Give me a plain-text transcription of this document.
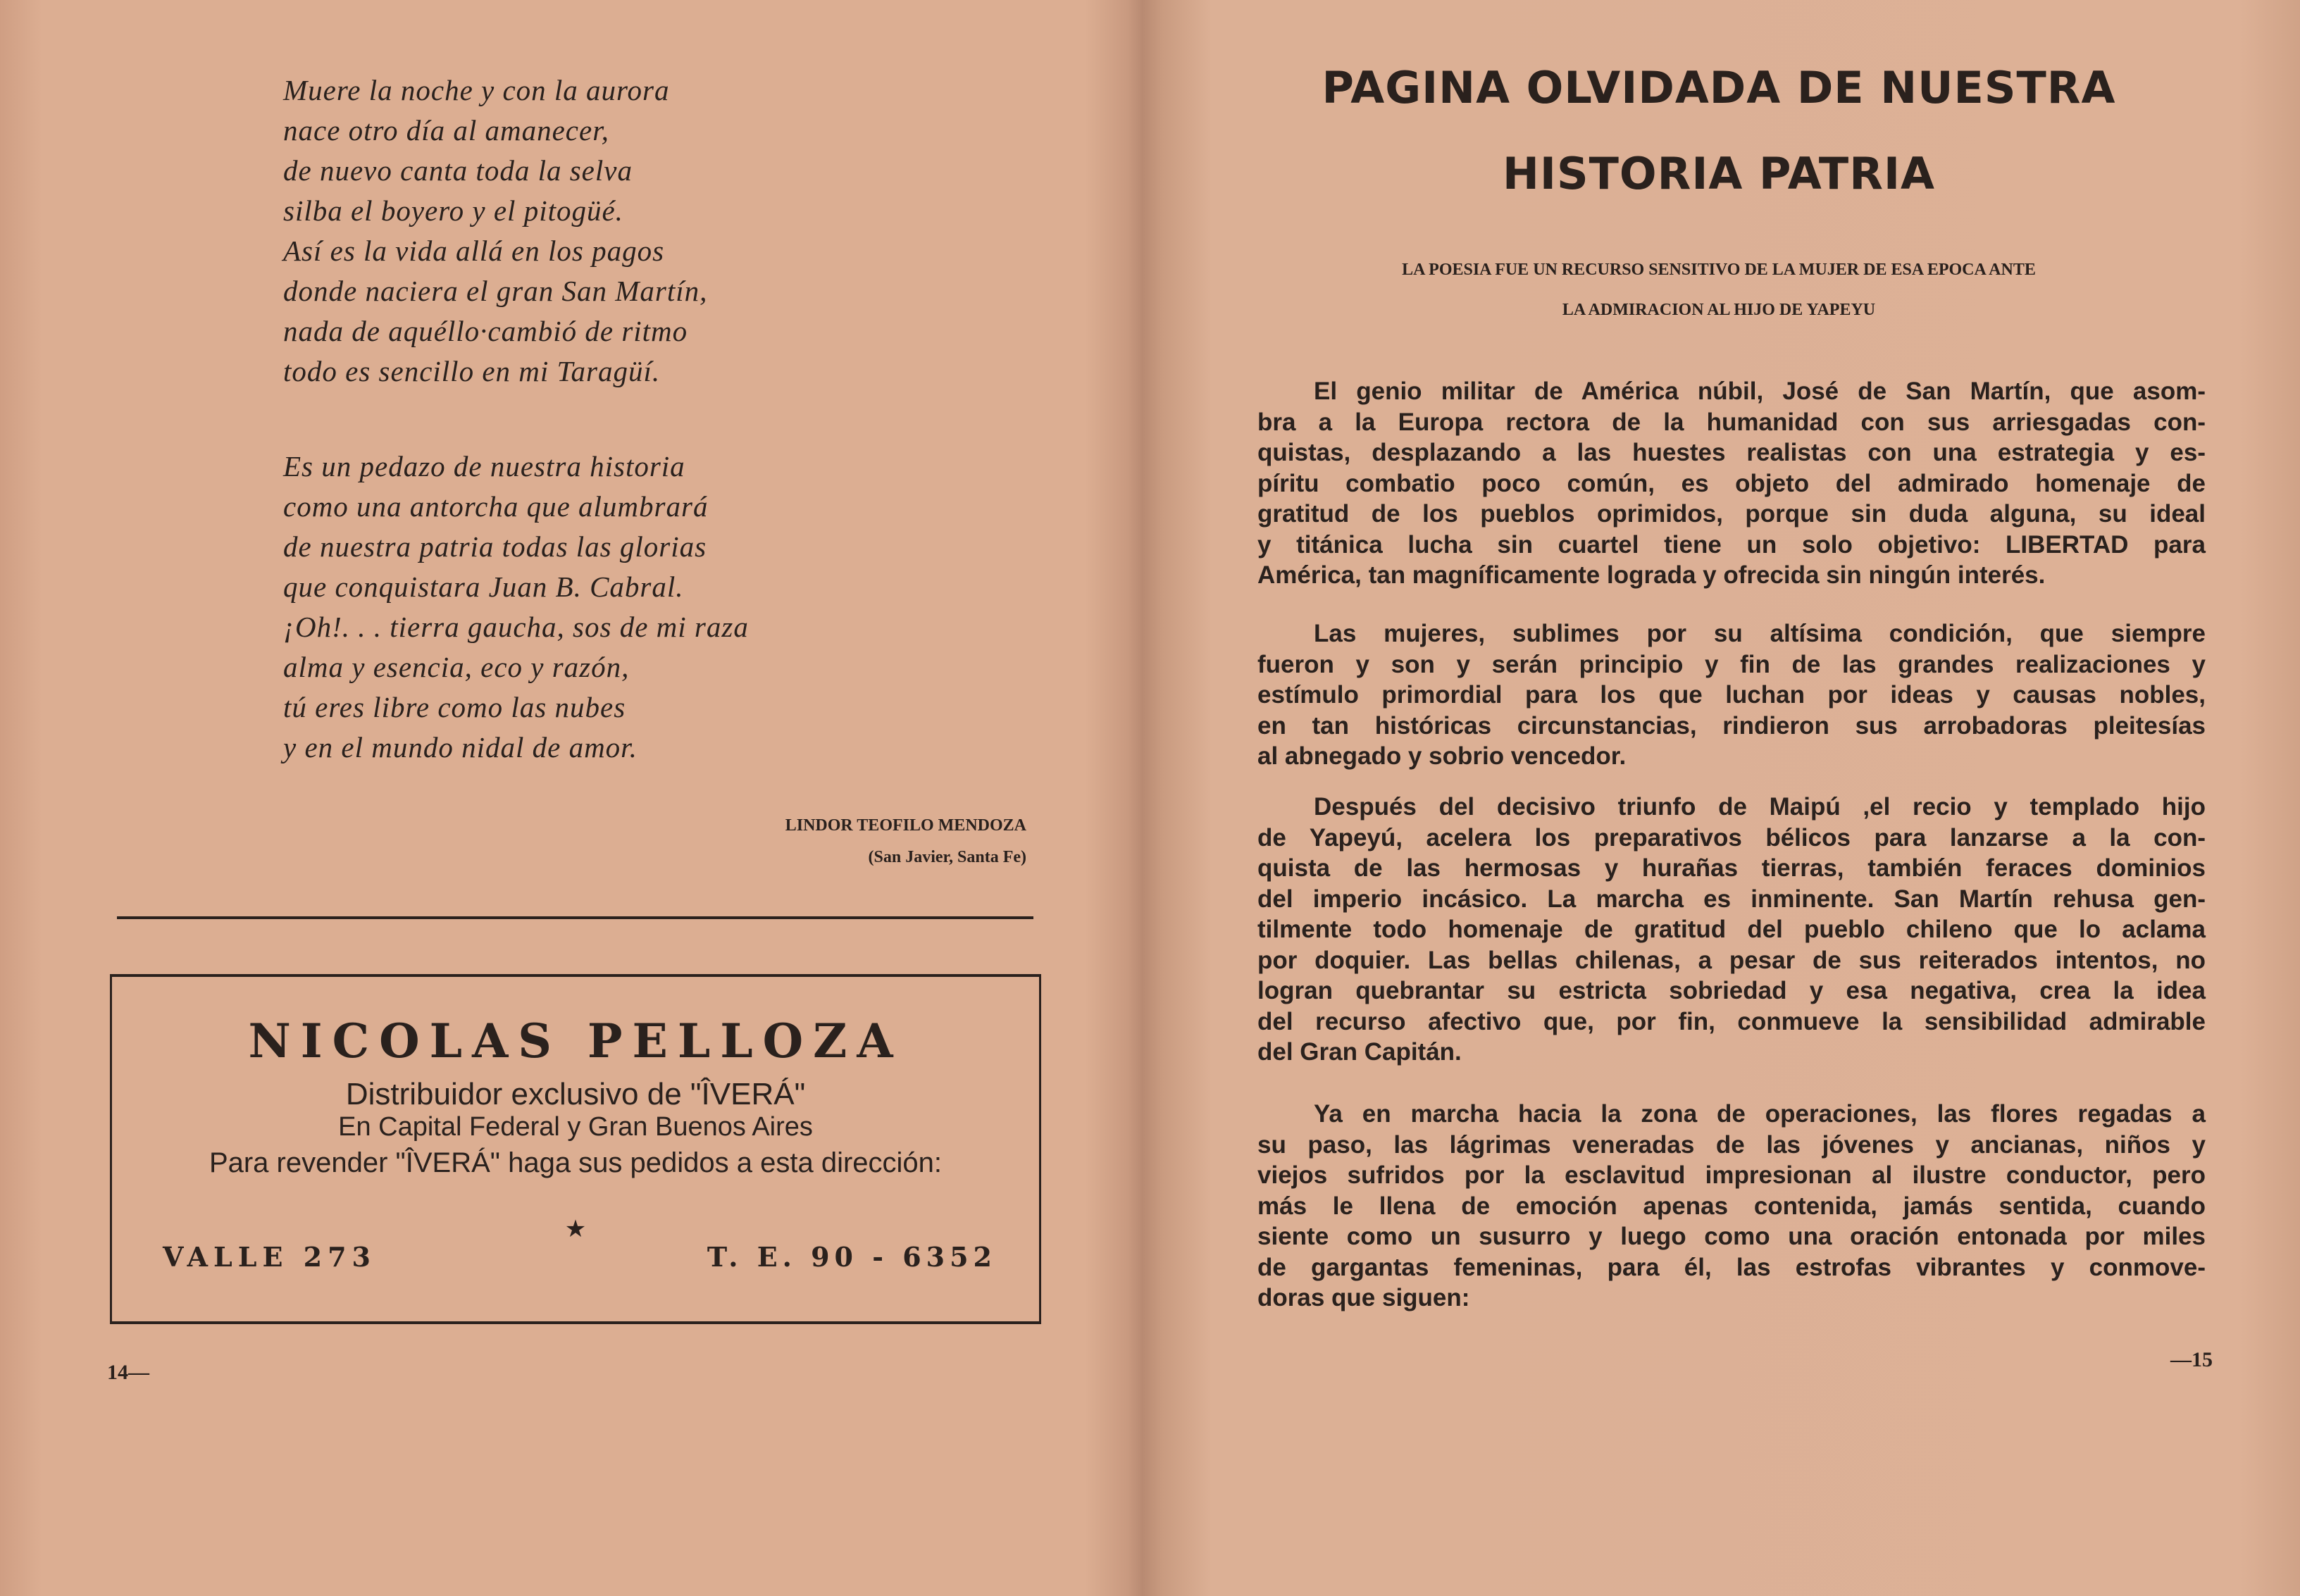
Muere la noche y con la aurora
nace otro día al amanecer,
de nuevo canta toda la selva
silba el boyero y el pitogüé.
Así es la vida allá en los pagos
donde naciera el gran San Martín,
nada de aquéllo·cambió de ritmo
todo es sencillo en mi Taragüí.
Es un pedazo de nuestra historia
como una antorcha que alumbrará
de nuestra patria todas las glorias
que conquistara Juan B. Cabral.
¡Oh!. . . tierra gaucha, sos de mi raza
alma y esencia, eco y razón,
tú eres libre como las nubes
y en el mundo nidal de amor.
LINDOR TEOFILO MENDOZA
(San Javier, Santa Fe)
NICOLAS PELLOZA
Distribuidor exclusivo de "ÎVERÁ"
En Capital Federal y Gran Buenos Aires
Para revender "ÎVERÁ" haga sus pedidos a esta dirección:
★
VALLE 273	T. E. 90 - 6352
14—
PAGINA OLVIDADA DE NUESTRA
HISTORIA PATRIA
LA POESIA FUE UN RECURSO SENSITIVO DE LA MUJER DE ESA EPOCA ANTE
LA ADMIRACION AL HIJO DE YAPEYU
El genio militar de América núbil, José de San Martín, que asom-
bra a la Europa rectora de la humanidad con sus arriesgadas con-
quistas, desplazando a las huestes realistas con una estrategia y es-
píritu combatio poco común, es objeto del admirado homenaje de
gratitud de los pueblos oprimidos, porque sin duda alguna, su ideal
y titánica lucha sin cuartel tiene un solo objetivo: LIBERTAD para
América, tan magníficamente lograda y ofrecida sin ningún interés.
Las mujeres, sublimes por su altísima condición, que siempre
fueron y son y serán principio y fin de las grandes realizaciones y
estímulo primordial para los que luchan por ideas y causas nobles,
en tan históricas circunstancias, rindieron sus arrobadoras pleitesías
al abnegado y sobrio vencedor.
Después del decisivo triunfo de Maipú ,el recio y templado hijo
de Yapeyú, acelera los preparativos bélicos para lanzarse a la con-
quista de las hermosas y hurañas tierras, también feraces dominios
del imperio incásico. La marcha es inminente. San Martín rehusa gen-
tilmente todo homenaje de gratitud del pueblo chileno que lo aclama
por doquier. Las bellas chilenas, a pesar de sus reiterados intentos, no
logran quebrantar su estricta sobriedad y esa negativa, crea la idea
del recurso afectivo que, por fin, conmueve la sensibilidad admirable
del Gran Capitán.
Ya en marcha hacia la zona de operaciones, las flores regadas a
su paso, las lágrimas veneradas de las jóvenes y ancianas, niños y
viejos sufridos por la esclavitud impresionan al ilustre conductor, pero
más le llena de emoción apenas contenida, jamás sentida, cuando
siente como un susurro y luego como una oración entonada por miles
de gargantas femeninas, para él, las estrofas vibrantes y conmove-
doras que siguen:
—15
